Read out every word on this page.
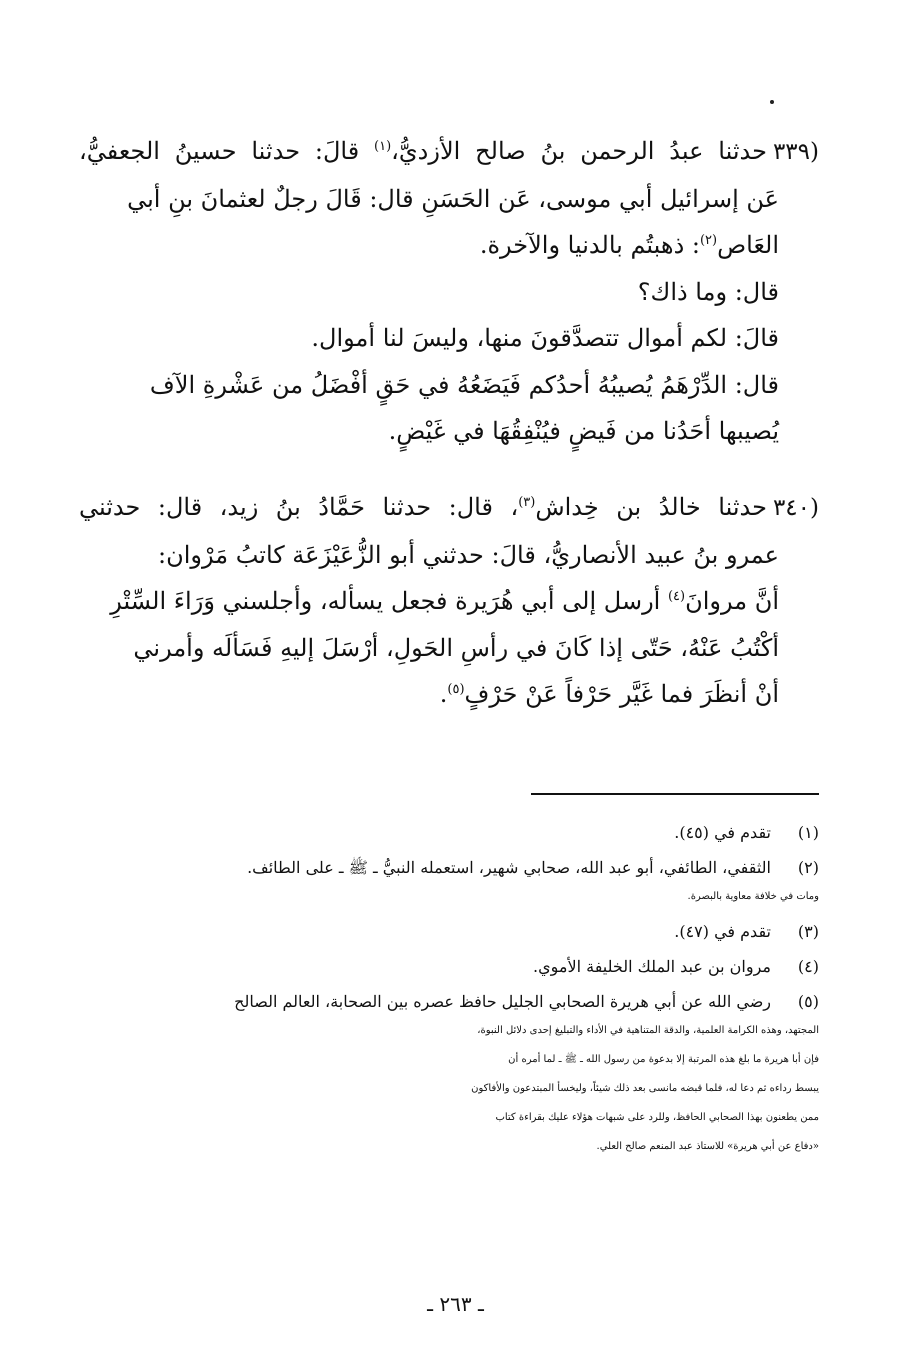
(٣٣٩حدثنا عبدُ الرحمن بنُ صالح الأزديُّ،$^{(١)}$ قالَ: حدثنا حسينُ الجعفيُّ،
عَن إسرائيل أبي موسى، عَن الحَسَنِ قال: قَالَ رجلٌ لعثمانَ بنِ أبي
العَاص$^{(٢)}$: ذهبتُم بالدنيا والآخرة.
قال: وما ذاك؟
قالَ: لكم أموال تتصدَّقونَ منها، وليسَ لنا أموال.
قال: الدِّرْهَمُ يُصيبُهُ أحدُكم فَيَضَعُهُ في حَقٍ أفْضَلُ من عَشْرةِ الآف
يُصيبها أحَدُنا من فَيضٍ فيُنْفِقُهَا في غَيْضٍ.
(٣٤٠حدثنا خالدُ بن خِداش$^{(٣)}$، قال: حدثنا حَمَّادُ بنُ زيد، قال: حدثني
عمرو بنُ عبيد الأنصاريُّ، قالَ: حدثني أبو الزُّعَيْزَعَة كاتبُ مَرْوان:
أنَّ مروانَ$^{(٤)}$ أرسل إلى أبي هُرَيرة فجعل يسأله، وأجلسني وَرَاءَ السِّتْرِ
أكْتُبُ عَنْهُ، حَتّى إذا كَانَ في رأسِ الحَولِ، أرْسَلَ إليهِ فَسَألَه وأمرني
أنْ أنظَرَ فما غَيَّر حَرْفاً عَنْ حَرْفٍ$^{(٥)}$.
(١)
تقدم في (٤٥).
(٢)
الثقفي، الطائفي، أبو عبد الله، صحابي شهير، استعمله النبيُّ ـ ﷺ ـ على الطائف.
ومات في خلافة معاوية بالبصرة.
(٣)
تقدم في (٤٧).
(٤)
مروان بن عبد الملك الخليفة الأموي.
(٥)
رضي الله عن أبي هريرة الصحابي الجليل حافظ عصره بين الصحابة، العالم الصالح
المجتهد، وهذه الكرامة العلمية، والدقة المتناهية في الأداء والتبليغ إحدى دلائل النبوة،
فإن أبا هريرة ما بلغ هذه المرتبة إلا بدعوة من رسول الله ـ ﷺ ـ لما أمره أن
يبسط رداءه ثم دعا له، فلما قبضه مانسى بعد ذلك شيئاً، وليخسأ المبتدعون والأفاكون
ممن يطعنون بهذا الصحابي الحافظ، وللرد على شبهات هؤلاء عليك بقراءة كتاب
«دفاع عن أبي هريرة» للاستاذ عبد المنعم صالح العلي.
ـ ٢٦٣ ـ
